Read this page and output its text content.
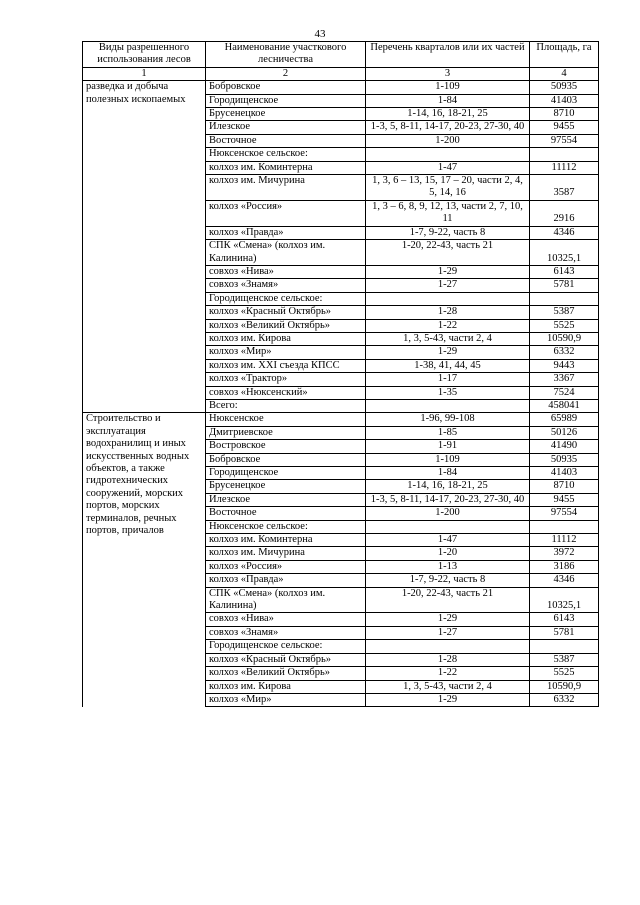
43
Виды разрешенного использования лесов	Наименование участкового лесничества	Перечень кварталов или их частей	Площадь, га
1	2	3	4
разведка и добыча полезных ископаемых	Бобровское	1-109	50935
	Городищенское	1-84	41403
	Брусенецкое	1-14, 16, 18-21, 25	8710
	Илезское	1-3, 5, 8-11, 14-17, 20-23, 27-30, 40	9455
	Восточное	1-200	97554
	Нюксенское сельское:		
	колхоз им. Коминтерна	1-47	11112
	колхоз им. Мичурина	1, 3, 6 – 13, 15, 17 – 20, части 2, 4, 5, 14, 16	3587
	колхоз «Россия»	1, 3 – 6, 8, 9, 12, 13, части 2, 7, 10, 11	2916
	колхоз «Правда»	1-7, 9-22, часть 8	4346
	СПК «Смена» (колхоз им. Калинина)	1-20, 22-43, часть 21	10325,1
	совхоз «Нива»	1-29	6143
	совхоз «Знамя»	1-27	5781
	Городищенское сельское:		
	колхоз «Красный Октябрь»	1-28	5387
	колхоз «Великий Октябрь»	1-22	5525
	колхоз им. Кирова	1, 3, 5-43, части 2, 4	10590,9
	колхоз «Мир»	1-29	6332
	колхоз им. XXI съезда КПСС	1-38, 41, 44, 45	9443
	колхоз «Трактор»	1-17	3367
	совхоз «Нюксенский»	1-35	7524
	Всего:		458041
Строительство и эксплуатация водохранилищ и иных искусственных водных объектов, а также гидротехнических сооружений, морских портов, морских терминалов, речных портов, причалов	Нюксенское	1-96, 99-108	65989
	Дмитриевское	1-85	50126
	Востровское	1-91	41490
	Бобровское	1-109	50935
	Городищенское	1-84	41403
	Брусенецкое	1-14, 16, 18-21, 25	8710
	Илезское	1-3, 5, 8-11, 14-17, 20-23, 27-30, 40	9455
	Восточное	1-200	97554
	Нюксенское сельское:		
	колхоз им. Коминтерна	1-47	11112
	колхоз им. Мичурина	1-20	3972
	колхоз «Россия»	1-13	3186
	колхоз «Правда»	1-7, 9-22, часть 8	4346
	СПК «Смена» (колхоз им. Калинина)	1-20, 22-43, часть 21	10325,1
	совхоз «Нива»	1-29	6143
	совхоз «Знамя»	1-27	5781
	Городищенское сельское:		
	колхоз «Красный Октябрь»	1-28	5387
	колхоз «Великий Октябрь»	1-22	5525
	колхоз им. Кирова	1, 3, 5-43, части 2, 4	10590,9
	колхоз «Мир»	1-29	6332
